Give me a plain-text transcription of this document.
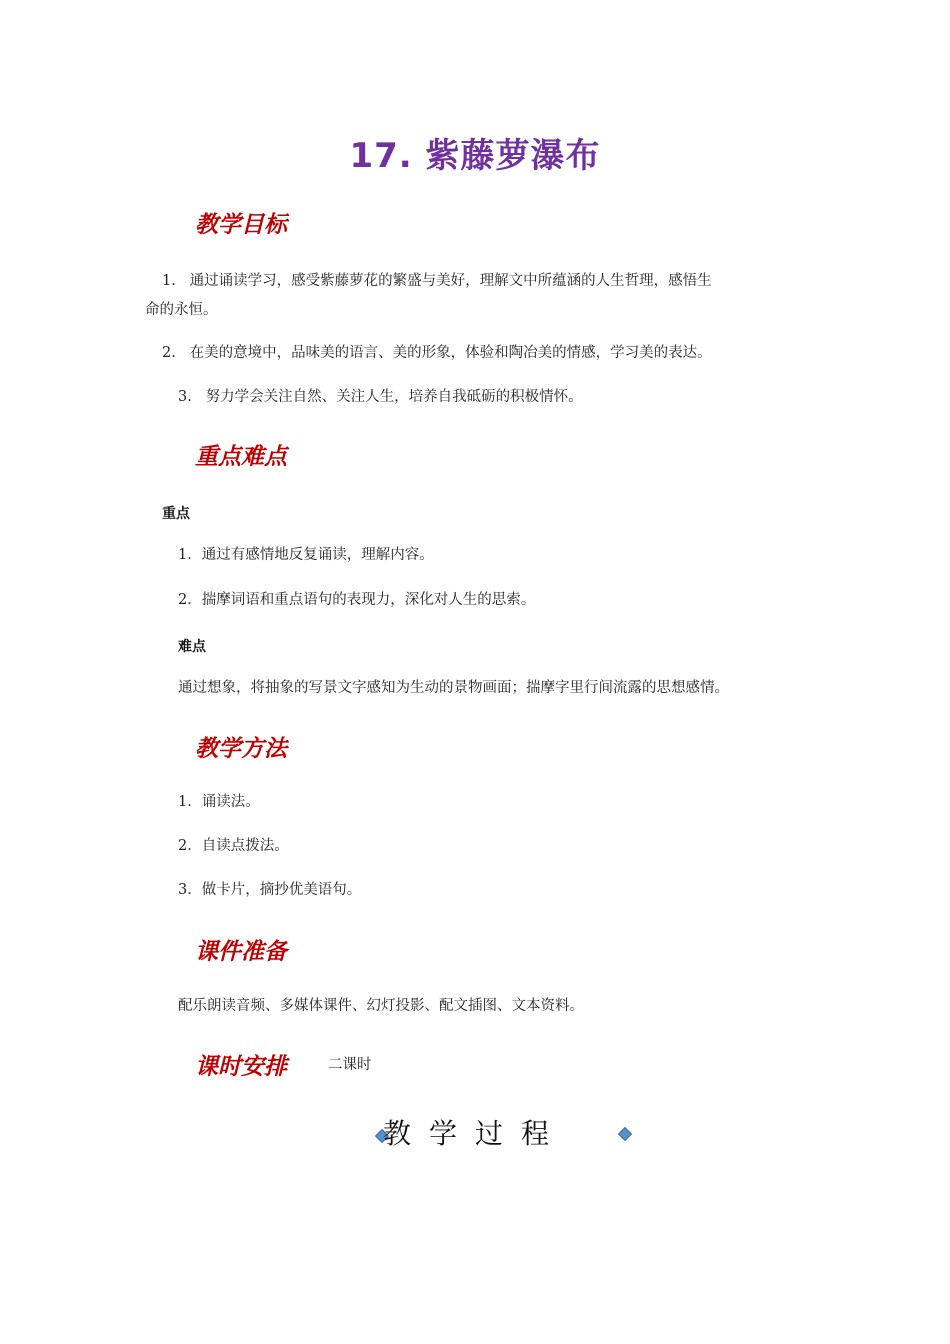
17. 紫藤萝瀑布
教学目标
1.   通过诵读学习，感受紫藤萝花的繁盛与美好，理解文中所蕴涵的人生哲理，感悟生
命的永恒。
2.   在美的意境中，品味美的语言、美的形象，体验和陶冶美的情感，学习美的表达。
3.   努力学会关注自然、关注人生，培养自我砥砺的积极情怀。
重点难点
重点
1．通过有感情地反复诵读，理解内容。
2．揣摩词语和重点语句的表现力，深化对人生的思索。
难点
通过想象，将抽象的写景文字感知为生动的景物画面；揣摩字里行间流露的思想感情。
教学方法
1．诵读法。
2．自读点拨法。
3．做卡片，摘抄优美语句。
课件准备
配乐朗读音频、多媒体课件、幻灯投影、配文插图、文本资料。
课时安排	二课时
教学过程
